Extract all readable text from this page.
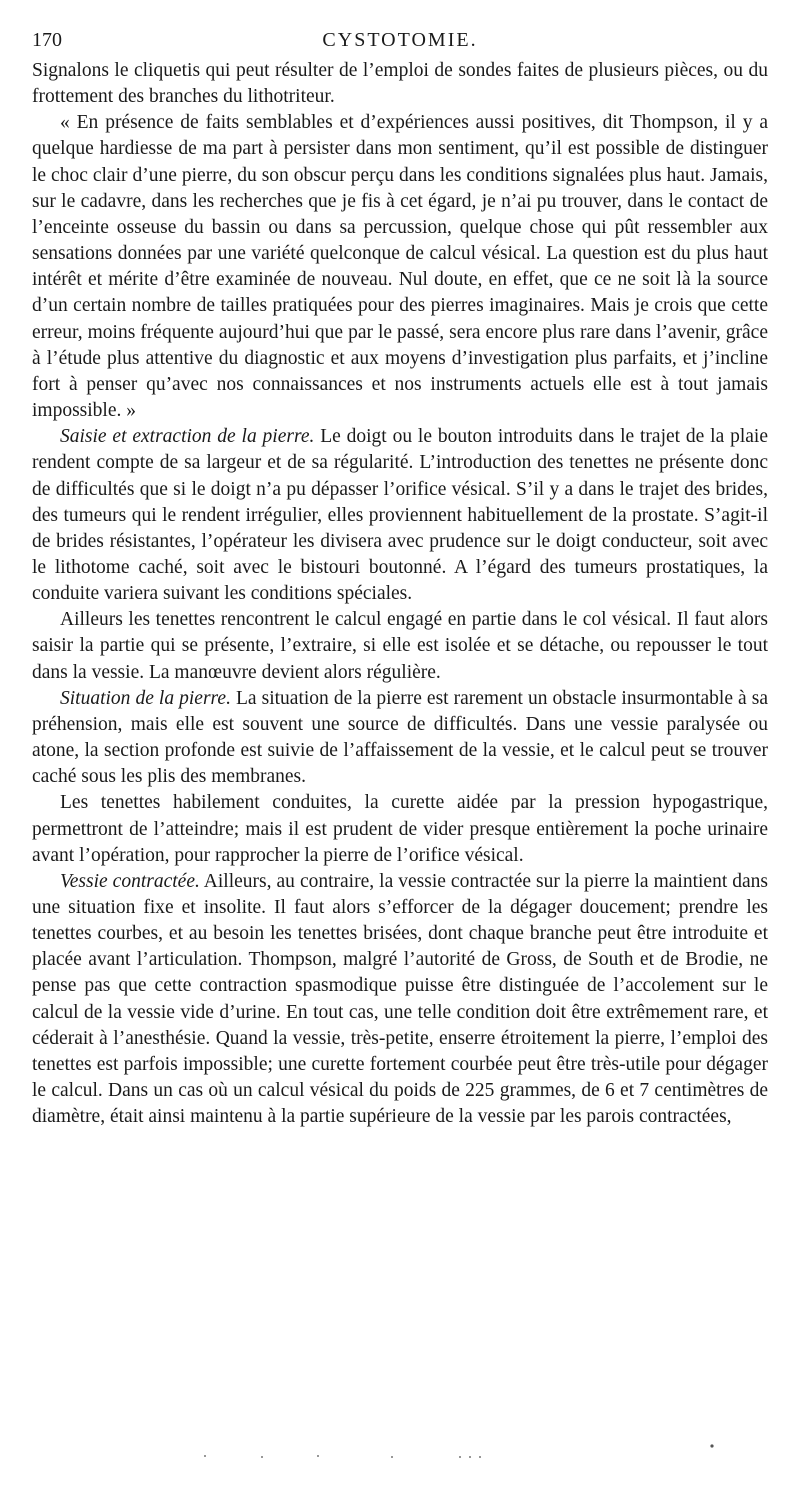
170	CYSTOTOMIE.

Signalons le cliquetis qui peut résulter de l’emploi de sondes faites de plusieurs pièces, ou du frottement des branches du lithotriteur.

« En présence de faits semblables et d’expériences aussi positives, dit Thompson, il y a quelque hardiesse de ma part à persister dans mon sentiment, qu’il est possible de distinguer le choc clair d’une pierre, du son obscur perçu dans les conditions signalées plus haut. Jamais, sur le cadavre, dans les recherches que je fis à cet égard, je n’ai pu trouver, dans le contact de l’enceinte osseuse du bassin ou dans sa percussion, quelque chose qui pût ressembler aux sensations données par une variété quelconque de calcul vésical. La question est du plus haut intérêt et mérite d’être examinée de nouveau. Nul doute, en effet, que ce ne soit là la source d’un certain nombre de tailles pratiquées pour des pierres imaginaires. Mais je crois que cette erreur, moins fréquente aujourd’hui que par le passé, sera encore plus rare dans l’avenir, grâce à l’étude plus attentive du diagnostic et aux moyens d’investigation plus parfaits, et j’incline fort à penser qu’avec nos connaissances et nos instruments actuels elle est à tout jamais impossible. »

Saisie et extraction de la pierre. Le doigt ou le bouton introduits dans le trajet de la plaie rendent compte de sa largeur et de sa régularité. L’introduction des tenettes ne présente donc de difficultés que si le doigt n’a pu dépasser l’orifice vésical. S’il y a dans le trajet des brides, des tumeurs qui le rendent irrégulier, elles proviennent habituellement de la prostate. S’agit-il de brides résistantes, l’opérateur les divisera avec prudence sur le doigt conducteur, soit avec le lithotome caché, soit avec le bistouri boutonné. A l’égard des tumeurs prostatiques, la conduite variera suivant les conditions spéciales.

Ailleurs les tenettes rencontrent le calcul engagé en partie dans le col vésical. Il faut alors saisir la partie qui se présente, l’extraire, si elle est isolée et se détache, ou repousser le tout dans la vessie. La manœuvre devient alors régulière.

Situation de la pierre. La situation de la pierre est rarement un obstacle insurmontable à sa préhension, mais elle est souvent une source de difficultés. Dans une vessie paralysée ou atone, la section profonde est suivie de l’affaissement de la vessie, et le calcul peut se trouver caché sous les plis des membranes.

Les tenettes habilement conduites, la curette aidée par la pression hypogastrique, permettront de l’atteindre; mais il est prudent de vider presque entièrement la poche urinaire avant l’opération, pour rapprocher la pierre de l’orifice vésical.

Vessie contractée. Ailleurs, au contraire, la vessie contractée sur la pierre la maintient dans une situation fixe et insolite. Il faut alors s’efforcer de la dégager doucement; prendre les tenettes courbes, et au besoin les tenettes brisées, dont chaque branche peut être introduite et placée avant l’articulation. Thompson, malgré l’autorité de Gross, de South et de Brodie, ne pense pas que cette contraction spasmodique puisse être distinguée de l’accolement sur le calcul de la vessie vide d’urine. En tout cas, une telle condition doit être extrêmement rare, et céderait à l’anesthésie. Quand la vessie, très-petite, enserre étroitement la pierre, l’emploi des tenettes est parfois impossible; une curette fortement courbée peut être très-utile pour dégager le calcul. Dans un cas où un calcul vésical du poids de 225 grammes, de 6 et 7 centimètres de diamètre, était ainsi maintenu à la partie supérieure de la vessie par les parois contractées,
